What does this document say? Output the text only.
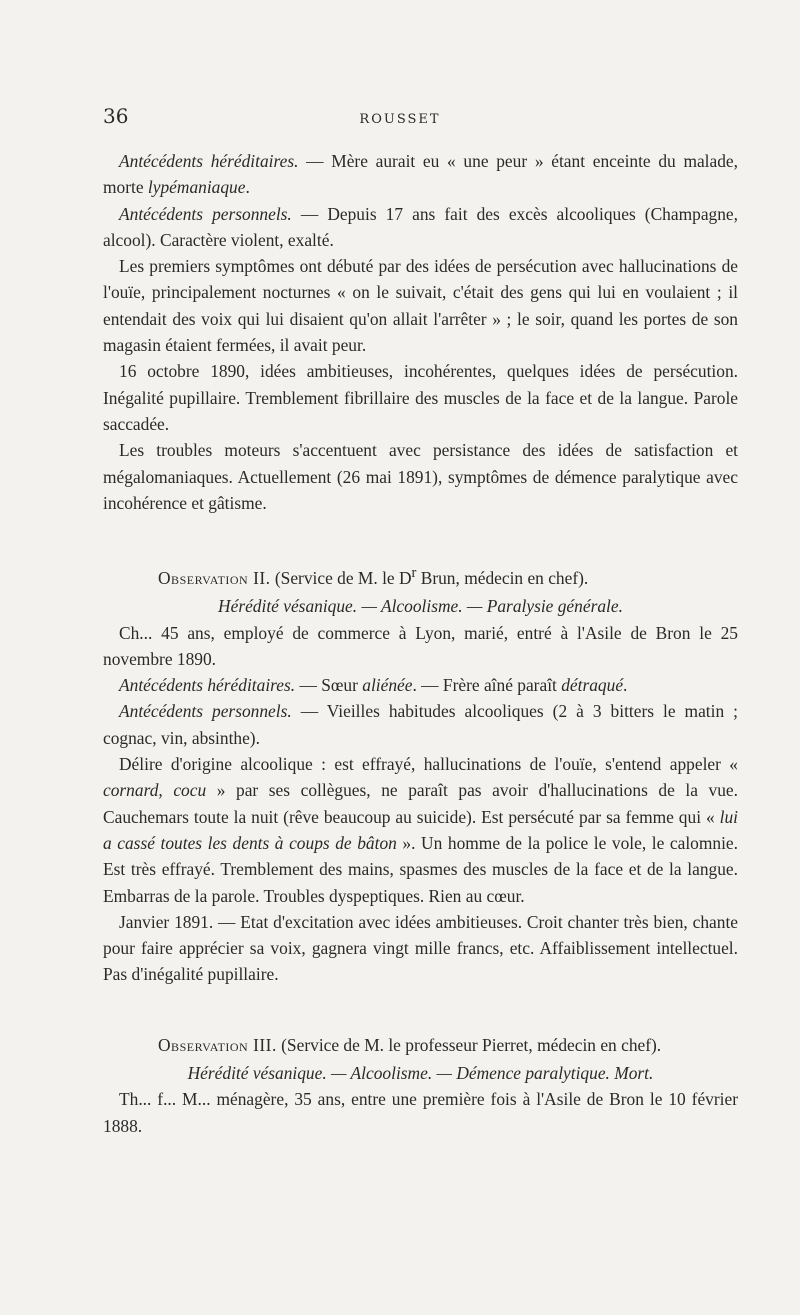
36	ROUSSET

Antécédents héréditaires. — Mère aurait eu « une peur » étant enceinte du malade, morte lypémaniaque.

Antécédents personnels. — Depuis 17 ans fait des excès alcooliques (Champagne, alcool). Caractère violent, exalté.

Les premiers symptômes ont débuté par des idées de persécution avec hallucinations de l'ouïe, principalement nocturnes « on le suivait, c'était des gens qui lui en voulaient ; il entendait des voix qui lui disaient qu'on allait l'arrêter » ; le soir, quand les portes de son magasin étaient fermées, il avait peur.

16 octobre 1890, idées ambitieuses, incohérentes, quelques idées de persécution. Inégalité pupillaire. Tremblement fibrillaire des muscles de la face et de la langue. Parole saccadée.

Les troubles moteurs s'accentuent avec persistance des idées de satisfaction et mégalomaniaques. Actuellement (26 mai 1891), symptômes de démence paralytique avec incohérence et gâtisme.

Observation II. (Service de M. le $D^r$ Brun, médecin en chef).

Hérédité vésanique. — Alcoolisme. — Paralysie générale.

Ch... 45 ans, employé de commerce à Lyon, marié, entré à l'Asile de Bron le 25 novembre 1890.

Antécédents héréditaires. — Sœur aliénée. — Frère aîné paraît détraqué.

Antécédents personnels. — Vieilles habitudes alcooliques (2 à 3 bitters le matin ; cognac, vin, absinthe).

Délire d'origine alcoolique : est effrayé, hallucinations de l'ouïe, s'entend appeler « cornard, cocu » par ses collègues, ne paraît pas avoir d'hallucinations de la vue. Cauchemars toute la nuit (rêve beaucoup au suicide). Est persécuté par sa femme qui « lui a cassé toutes les dents à coups de bâton ». Un homme de la police le vole, le calomnie. Est très effrayé. Tremblement des mains, spasmes des muscles de la face et de la langue. Embarras de la parole. Troubles dyspeptiques. Rien au cœur.

Janvier 1891. — Etat d'excitation avec idées ambitieuses. Croit chanter très bien, chante pour faire apprécier sa voix, gagnera vingt mille francs, etc. Affaiblissement intellectuel. Pas d'inégalité pupillaire.

Observation III. (Service de M. le professeur Pierret, médecin en chef).

Hérédité vésanique. — Alcoolisme. — Démence paralytique. Mort.

Th... f... M... ménagère, 35 ans, entre une première fois à l'Asile de Bron le 10 février 1888.
